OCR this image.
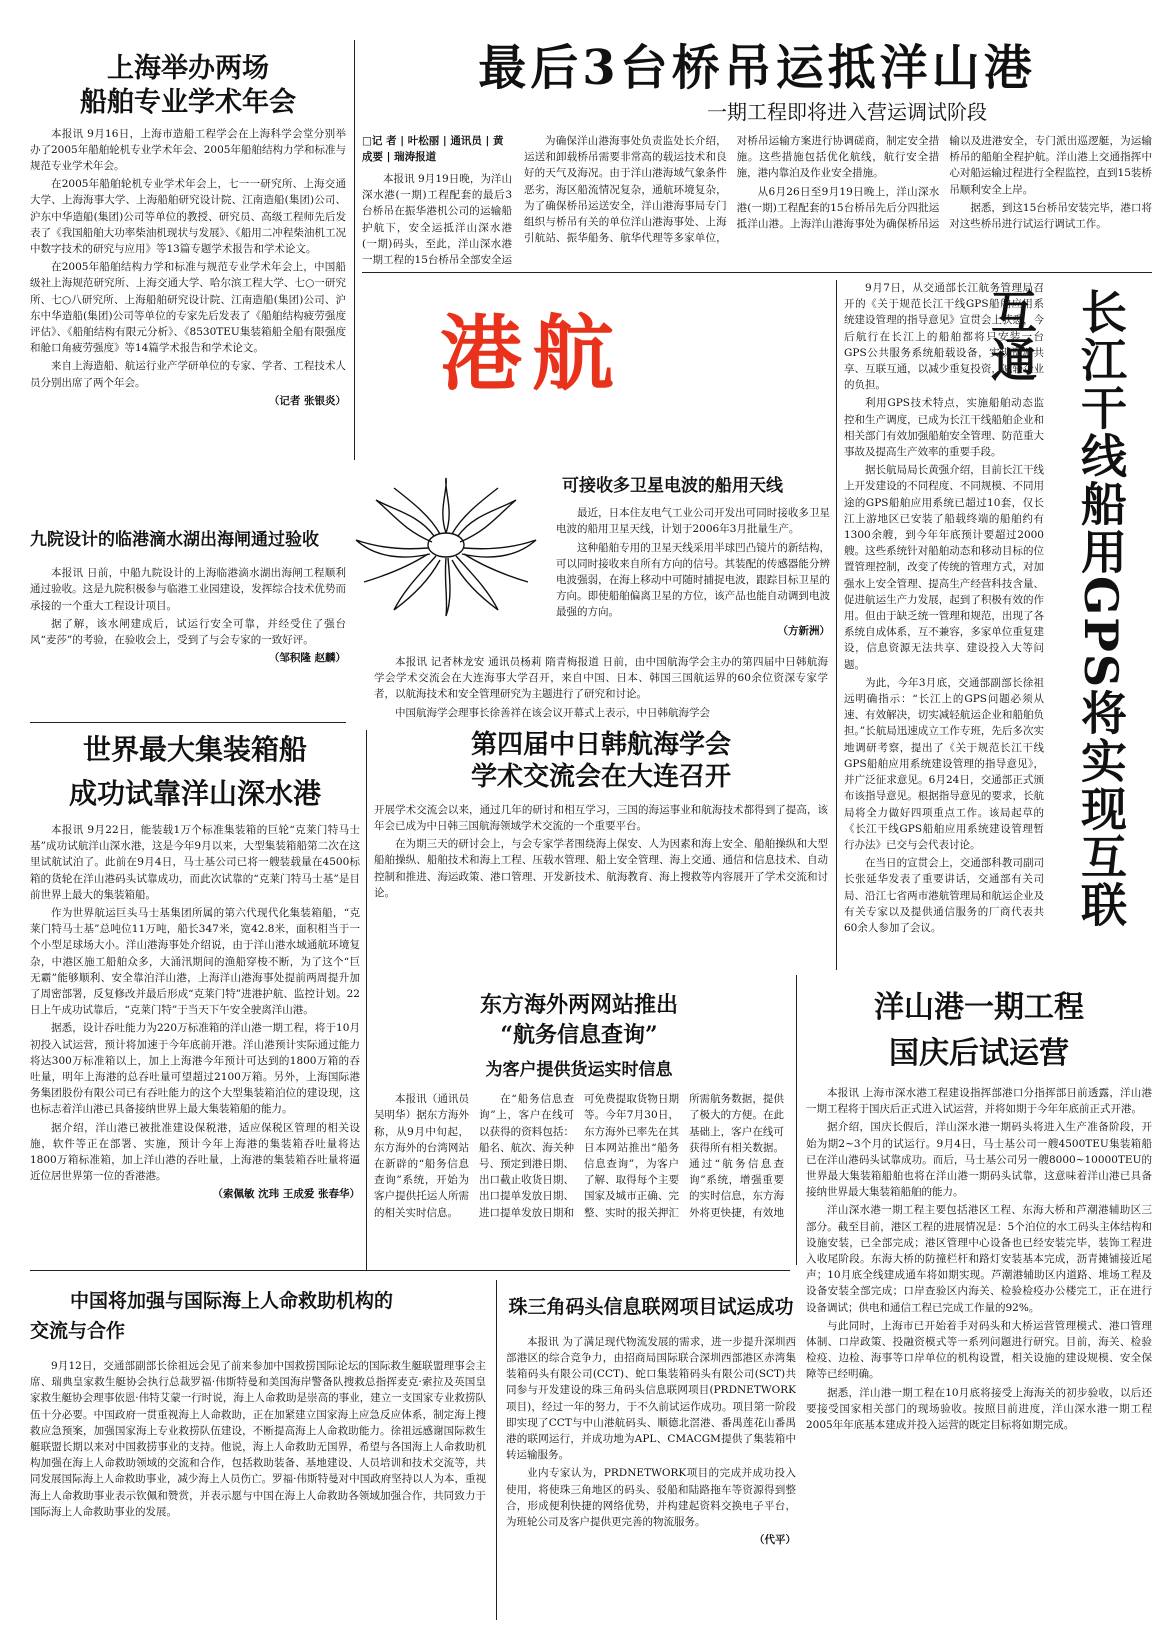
上海举办两场
船舶专业学术年会

本报讯 9月16日，上海市造船工程学会在上海科学会堂分别举办了2005年船舶轮机专业学术年会、2005年船舶结构力学和标准与规范专业学术年会。

在2005年船舶轮机专业学术年会上，七一一研究所、上海交通大学、上海海事大学、上海船舶研究设计院、江南造船(集团)公司、沪东中华造船(集团)公司等单位的教授、研究员、高级工程师先后发表了《我国船舶大功率柴油机现状与发展》、《船用二冲程柴油机工况中数字技术的研究与应用》等13篇专题学术报告和学术论文。

在2005年船舶结构力学和标准与规范专业学术年会上，中国船级社上海规范研究所、上海交通大学、哈尔滨工程大学、七○一研究所、七○八研究所、上海船舶研究设计院、江南造船(集团)公司、沪东中华造船(集团)公司等单位的专家先后发表了《船舶结构疲劳强度评估》、《船舶结构有限元分析》、《8530TEU集装箱船全船有限强度和舱口角疲劳强度》等14篇学术报告和学术论文。

来自上海造船、航运行业产学研单位的专家、学者、工程技术人员分别出席了两个年会。

（记者 张银炎）

最后3台桥吊运抵洋山港
一期工程即将进入营运调试阶段

□记 者 | 叶松丽 | 通讯员 | 黄成要 | 瑞涛报道

本报讯 9月19日晚，为洋山深水港(一期)工程配套的最后3台桥吊在振华港机公司的运输船护航下，安全运抵洋山深水港(一期)码头，至此，洋山深水港一期工程的15台桥吊全部安全运

为确保洋山港海事处负责监处长介绍，运送和卸载桥吊需要非常高的载运技术和良好的天气及海况。由于洋山港海域气象条件恶劣，海区船流情况复杂，通航环境复杂，为了确保桥吊运送安全，洋山港海事局专门组织与桥吊有关的单位洋山港海事处、上海引航站、振华船务、航华代理等多家单位，对桥吊运输方案进行协调磋商，制定安全措施。这些措施包括优化航线，航行安全措施，港内靠泊及作业安全措施。

从6月26日至9月19日晚上，洋山深水港(一期)工程配套的15台桥吊先后分四批运抵洋山港。上海洋山港海事处为确保桥吊运输以及进港安全，专门派出巡逻艇，为运输桥吊的船舶全程护航。洋山港上交通指挥中心对船运输过程进行全程监控，直到15装桥吊顺利安全上岸。

据悉，到这15台桥吊安装完毕，港口将对这些桥吊进行试运行调试工作。

港航

9月7日，从交通部长江航务管理局召开的《关于规范长江干线GPS船舶应用系统建设管理的指导意见》宣贯会上获悉，今后航行在长江上的船舶都将只安装一台GPS公共服务系统船载设备，实现资源共享、互联互通，以减少重复投资，减轻企业的负担。

利用GPS技术特点，实施船舶动态监控和生产调度，已成为长江干线船舶企业和相关部门有效加强船舶安全管理、防范重大事故及提高生产效率的重要手段。

据长航局局长黄强介绍，目前长江干线上开发建设的不同程度、不同规模、不同用途的GPS船舶应用系统已超过10套，仅长江上游地区已安装了船载终端的船舶约有1300余艘，到今年年底预计要超过2000艘。这些系统针对船舶动态和移动目标的位置管理控制，改变了传统的管理方式，对加强水上安全管理、提高生产经营科技含量、促进航运生产力发展，起到了积极有效的作用。但由于缺乏统一管理和规范，出现了各系统自成体系，互不兼容，多家单位重复建设，信息资源无法共享、建设投入大等问题。

为此，今年3月底，交通部副部长徐祖远明确指示：“长江上的GPS问题必须从速、有效解决，切实减轻航运企业和船舶负担。”长航局迅速成立工作专班，先后多次实地调研考察，提出了《关于规范长江干线GPS船舶应用系统建设管理的指导意见》，并广泛征求意见。6月24日，交通部正式颁布该指导意见。根据指导意见的要求，长航局将全力做好四项重点工作。该局起草的《长江干线GPS船舶应用系统建设管理暂行办法》已交与会代表讨论。

在当日的宣贯会上，交通部科教司副司长张延华发表了重要讲话，交通部有关司局、沿江七省两市港航管理局和航运企业及有关专家以及提供通信服务的厂商代表共60余人参加了会议。	长江干线船用GPS将实现互联互通
可接收多卫星电波的船用天线

最近，日本住友电气工业公司开发出可同时接收多卫星电波的船用卫星天线，计划于2006年3月批量生产。

这种船舶专用的卫星天线采用半球凹凸镜片的新结构，可以同时接收来自所有方向的信号。其装配的传感器能分辨电波强弱，在海上移动中可随时捕捉电波，跟踪目标卫星的方向。即使船舶偏离卫星的方位，该产品也能自动调到电波最强的方向。

（方新洲）

九院设计的临港滴水湖出海闸通过验收

本报讯 日前，中船九院设计的上海临港滴水湖出海闸工程顺利通过验收。这是九院积极参与临港工业园建设，发挥综合技术优势而承接的一个重大工程设计项目。

据了解，该水闸建成后，试运行安全可靠，并经受住了强台风“麦莎”的考验，在验收会上，受到了与会专家的一致好评。

（邹积隆 赵麟）	本报讯 记者林龙安 通讯员杨莉 隋青梅报道 日前，由中国航海学会主办的第四届中日韩航海学会学术交流会在大连海事大学召开，来自中国、日本、韩国三国航运界的60余位资深专家学者，以航海技术和安全管理研究为主题进行了研究和讨论。

中国航海学会理事长徐善祥在该会议开幕式上表示，中日韩航海学会

第四届中日韩航海学会
学术交流会在大连召开

开展学术交流会以来，通过几年的研讨和相互学习，三国的海运事业和航海技术都得到了提高，该年会已成为中日韩三国航海领域学术交流的一个重要平台。

在为期三天的研讨会上，与会专家学者围绕海上保安、人为因素和海上安全、船舶操纵和大型船舶操纵、船舶技术和海上工程、压载水管理、船上安全管理、海上交通、通信和信息技术、自动控制和推进、海运政策、港口管理、开发新技术、航海教育、海上搜救等内容展开了学术交流和讨论。

世界最大集装箱船
成功试靠洋山深水港

本报讯 9月22日，能装载1万个标准集装箱的巨轮“克莱门特马士基”成功试航洋山深水港，这是今年9月以来，大型集装箱船第二次在这里试航试泊了。此前在9月4日，马士基公司已将一艘装载量在4500标箱的货轮在洋山港码头试靠成功，而此次试靠的“克莱门特马士基”是目前世界上最大的集装箱船。

作为世界航运巨头马士基集团所属的第六代现代化集装箱船，“克莱门特马士基”总吨位11万吨，船长347米，宽42.8米，面积相当于一个小型足球场大小。洋山港海事处介绍说，由于洋山港水域通航环境复杂，中港区施工船舶众多，大涌汛期间的渔船穿梭不断，为了这个“巨无霸”能够顺利、安全靠泊洋山港，上海洋山港海事处提前两周提升加了周密部署，反复修改并最后形成“克莱门特”进港护航、监控计划。22日上午成功试靠后，“克莱门特”于当天下午安全驶离洋山港。

据悉，设计吞吐能力为220万标准箱的洋山港一期工程，将于10月初投入试运营，预计将加速于今年底前开港。洋山港预计实际通过能力将达300万标准箱以上，加上上海港今年预计可达到的1800万箱的吞吐量，明年上海港的总吞吐量可望超过2100万箱。另外，上海国际港务集团股份有限公司已有吞吐能力的这个大型集装箱泊位的建设现，这也标志着洋山港已具备接纳世界上最大集装箱船的能力。

据介绍，洋山港已被批准建设保税港，适应保税区管理的相关设施，软件等正在部署、实施，预计今年上海港的集装箱吞吐量将达1800万箱标准箱，加上洋山港的吞吐量，上海港的集装箱吞吐量将逼近位居世界第一位的香港港。

（索佩敏 沈玮 王成爱 张春华）

东方海外两网站推出
“航务信息查询”
为客户提供货运实时信息

本报讯（通讯员吴明华）据东方海外称，从9月中旬起，东方海外的台湾网站在新辟的“船务信息查询”系统，开始为客户提供托运人所需的相关实时信息。

在“船务信息查询”上，客户在线可以获得的资料包括：船名、航次、海关种号、预定到港日期、出口截止收货日期、出口提单发放日期、进口提单发放日期和可免费提取货物日期等。今年7月30日，东方海外已率先在其日本网站推出“船务信息查询”，为客户了解、取得每个主要国家及城市正确、完整、实时的报关押汇所需航务数据，提供了极大的方便。在此基础上，客户在线可获得所有相关数据。通过“航务信息查询”系统，增强重要的实时信息，东方海外将更快捷，有效地

洋山港一期工程
国庆后试运营

本报讯 上海市深水港工程建设指挥部港口分指挥部日前透露，洋山港一期工程将于国庆后正式进入试运营，并将如期于今年年底前正式开港。

据介绍，国庆长假后，洋山深水港一期码头将进入生产准备阶段，开始为期2~3个月的试运行。9月4日，马士基公司一艘4500TEU集装箱船已在洋山港码头试靠成功。而后，马士基公司另一艘8000~10000TEU的世界最大集装箱船舶也将在洋山港一期码头试靠，这意味着洋山港已具备接纳世界最大集装箱船舶的能力。

洋山深水港一期工程主要包括港区工程、东海大桥和芦潮港辅助区三部分。截至目前，港区工程的进展情况是：5个泊位的水工码头主体结构和设施安装，已全部完成；港区管理中心设备也已经安装完毕，装饰工程进入收尾阶段。东海大桥的防撞栏杆和路灯安装基本完成，沥青摊铺接近尾声；10月底全线建成通车将如期实现。芦潮港辅助区内道路、堆场工程及设备安装全部完成；口岸查验区内海关、检验检疫办公楼完工，正在进行设备调试；供电和通信工程已完成工作量的92%。

与此同时，上海市已开始着手对码头和大桥运营管理模式、港口管理体制、口岸政策、投融资模式等一系列问题进行研究。目前，海关、检验检疫、边检、海事等口岸单位的机构设置，相关设施的建设规模、安全保障等已经明确。

据悉，洋山港一期工程在10月底将接受上海海关的初步验收，以后还要接受国家相关部门的现场验收。按照目前进度，洋山深水港一期工程2005年年底基本建成并投入运营的既定目标将如期完成。

中国将加强与国际海上人命救助机构的
交流与合作

9月12日，交通部副部长徐祖远会见了前来参加中国救捞国际论坛的国际救生艇联盟理事会主席、瑞典皇家救生艇协会执行总裁罗福·伟斯特曼和美国海岸警备队搜救总指挥麦克·索拉及英国皇家救生艇协会理事依恩·伟特艾蒙一行时说，海上人命救助是崇高的事业，建立一支国家专业救捞队伍十分必要。中国政府一贯重视海上人命救助，正在加紧建立国家海上应急反应体系，制定海上搜救应急预案，加强国家海上专业救捞队伍建设，不断提高海上人命救助能力。徐祖远感谢国际救生艇联盟长期以来对中国救捞事业的支持。他说，海上人命救助无国界，希望与各国海上人命救助机构加强在海上人命救助领域的交流和合作，包括救助装备、基地建设、人员培训和技术交流等，共同发展国际海上人命救助事业，减少海上人员伤亡。罗福·伟斯特曼对中国政府坚持以人为本，重视海上人命救助事业表示钦佩和赞赏，并表示愿与中国在海上人命救助各领域加强合作，共同致力于国际海上人命救助事业的发展。

珠三角码头信息联网项目试运成功

本报讯 为了满足现代物流发展的需求，进一步提升深圳西部港区的综合竞争力，由招商局国际联合深圳西部港区赤湾集装箱码头有限公司(CCT)、蛇口集装箱码头有限公司(SCT)共同参与开发建设的珠三角码头信息联网项目(PRDNETWORK项目)，经过一年的努力，于不久前试运作成功。项目第一阶段即实现了CCT与中山港航码头、顺德北滘港、番禺莲花山番禺港的联网运行，并成功地为APL、CMACGM提供了集装箱中转运输服务。

业内专家认为，PRDNETWORK项目的完成并成功投入使用，将使珠三角地区的码头、驳船和陆路拖车等资源得到整合，形成便利快捷的网络优势，并构建起资料交换电子平台，为班轮公司及客户提供更完善的物流服务。

（代平）
